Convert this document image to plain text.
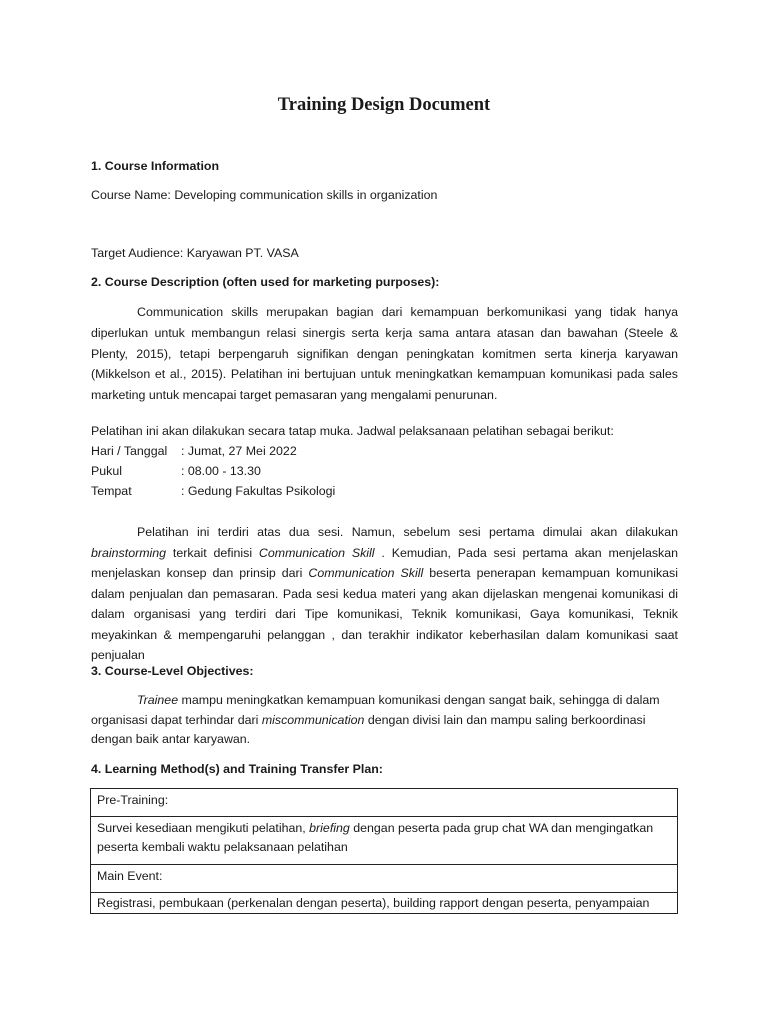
Training Design Document
1. Course Information
Course Name: Developing communication skills in organization
Target Audience: Karyawan PT. VASA
2. Course Description (often used for marketing purposes):
Communication skills merupakan bagian dari kemampuan berkomunikasi yang tidak hanya diperlukan untuk membangun relasi sinergis serta kerja sama antara atasan dan bawahan (Steele & Plenty, 2015), tetapi berpengaruh signifikan dengan peningkatan komitmen serta kinerja karyawan (Mikkelson et al., 2015). Pelatihan ini bertujuan untuk meningkatkan kemampuan komunikasi pada sales marketing untuk mencapai target pemasaran yang mengalami penurunan.
Pelatihan ini akan dilakukan secara tatap muka. Jadwal pelaksanaan pelatihan sebagai berikut:
Hari / Tanggal : Jumat, 27 Mei 2022
Pukul	: 08.00 - 13.30
Tempat	: Gedung Fakultas Psikologi
Pelatihan ini terdiri atas dua sesi. Namun, sebelum sesi pertama dimulai akan dilakukan brainstorming terkait definisi Communication Skill . Kemudian, Pada sesi pertama akan menjelaskan menjelaskan konsep dan prinsip dari Communication Skill beserta penerapan kemampuan komunikasi dalam penjualan dan pemasaran. Pada sesi kedua materi yang akan dijelaskan mengenai komunikasi di dalam organisasi yang terdiri dari Tipe komunikasi, Teknik komunikasi, Gaya komunikasi, Teknik meyakinkan & mempengaruhi pelanggan , dan terakhir indikator keberhasilan dalam komunikasi saat penjualan
3. Course-Level Objectives:
Trainee mampu meningkatkan kemampuan komunikasi dengan sangat baik, sehingga di dalam organisasi dapat terhindar dari miscommunication dengan divisi lain dan mampu saling berkoordinasi dengan baik antar karyawan.
4. Learning Method(s) and Training Transfer Plan:
Pre-Training:
Survei kesediaan mengikuti pelatihan, briefing dengan peserta pada grup chat WA dan mengingatkan peserta kembali waktu pelaksanaan pelatihan
Main Event:
Registrasi, pembukaan (perkenalan dengan peserta), building rapport dengan peserta, penyampaian
